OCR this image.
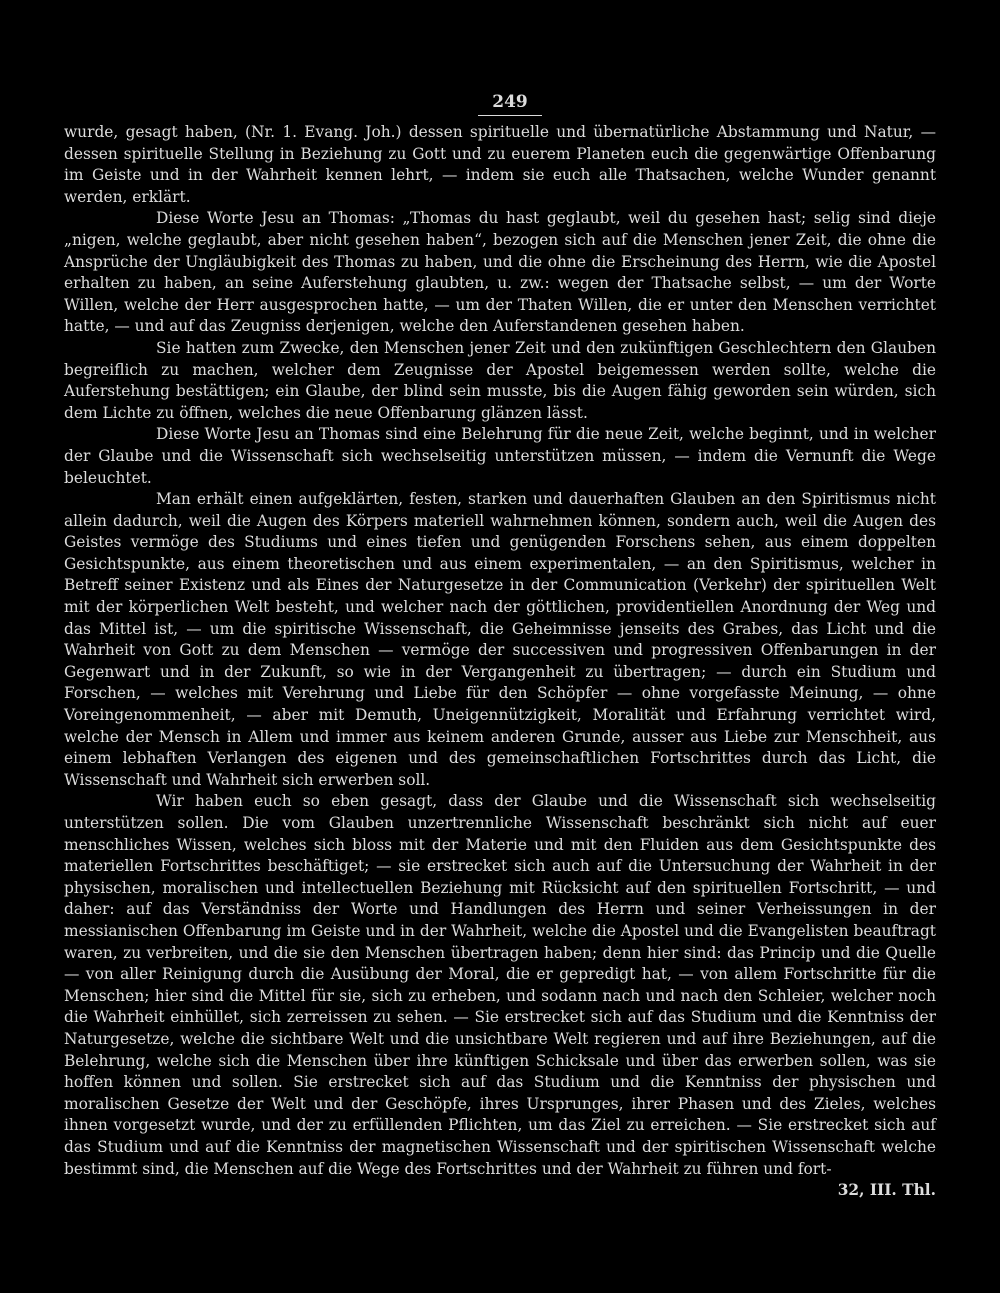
249

wurde, gesagt haben, (Nr. 1. Evang. Joh.) dessen spirituelle und übernatürliche Abstammung und Natur, — dessen spirituelle Stellung in Beziehung zu Gott und zu euerem Planeten euch die gegenwärtige Offenbarung im Geiste und in der Wahrheit kennen lehrt, — indem sie euch alle Thatsachen, welche Wunder genannt werden, erklärt.

Diese Worte Jesu an Thomas: „Thomas du hast geglaubt, weil du gesehen hast; selig sind dieje „nigen, welche geglaubt, aber nicht gesehen haben“, bezogen sich auf die Menschen jener Zeit, die ohne die Ansprüche der Ungläubigkeit des Thomas zu haben, und die ohne die Erscheinung des Herrn, wie die Apostel erhalten zu haben, an seine Auferstehung glaubten, u. zw.: wegen der Thatsache selbst, — um der Worte Willen, welche der Herr ausgesprochen hatte, — um der Thaten Willen, die er unter den Menschen verrichtet hatte, — und auf das Zeugniss derjenigen, welche den Auferstandenen gesehen haben.

Sie hatten zum Zwecke, den Menschen jener Zeit und den zukünftigen Geschlechtern den Glauben begreiflich zu machen, welcher dem Zeugnisse der Apostel beigemessen werden sollte, welche die Auferstehung bestättigen; ein Glaube, der blind sein musste, bis die Augen fähig geworden sein würden, sich dem Lichte zu öffnen, welches die neue Offenbarung glänzen lässt.

Diese Worte Jesu an Thomas sind eine Belehrung für die neue Zeit, welche beginnt, und in welcher der Glaube und die Wissenschaft sich wechselseitig unterstützen müssen, — indem die Vernunft die Wege beleuchtet.

Man erhält einen aufgeklärten, festen, starken und dauerhaften Glauben an den Spiritismus nicht allein dadurch, weil die Augen des Körpers materiell wahrnehmen können, sondern auch, weil die Augen des Geistes vermöge des Studiums und eines tiefen und genügenden Forschens sehen, aus einem doppelten Gesichtspunkte, aus einem theoretischen und aus einem experimentalen, — an den Spiritismus, welcher in Betreff seiner Existenz und als Eines der Naturgesetze in der Communication (Verkehr) der spirituellen Welt mit der körperlichen Welt besteht, und welcher nach der göttlichen, providentiellen Anordnung der Weg und das Mittel ist, — um die spiritische Wissenschaft, die Geheimnisse jenseits des Grabes, das Licht und die Wahrheit von Gott zu dem Menschen — vermöge der successiven und progressiven Offenbarungen in der Gegenwart und in der Zukunft, so wie in der Vergangenheit zu übertragen; — durch ein Studium und Forschen, — welches mit Verehrung und Liebe für den Schöpfer — ohne vorgefasste Meinung, — ohne Voreingenommenheit, — aber mit Demuth, Uneigennützigkeit, Moralität und Erfahrung verrichtet wird, welche der Mensch in Allem und immer aus keinem anderen Grunde, ausser aus Liebe zur Menschheit, aus einem lebhaften Verlangen des eigenen und des gemeinschaftlichen Fortschrittes durch das Licht, die Wissenschaft und Wahrheit sich erwerben soll.

Wir haben euch so eben gesagt, dass der Glaube und die Wissenschaft sich wechselseitig unterstützen sollen. Die vom Glauben unzertrennliche Wissenschaft beschränkt sich nicht auf euer menschliches Wissen, welches sich bloss mit der Materie und mit den Fluiden aus dem Gesichtspunkte des materiellen Fortschrittes beschäftiget; — sie erstrecket sich auch auf die Untersuchung der Wahrheit in der physischen, moralischen und intellectuellen Beziehung mit Rücksicht auf den spirituellen Fortschritt, — und daher: auf das Verständniss der Worte und Handlungen des Herrn und seiner Verheissungen in der messianischen Offenbarung im Geiste und in der Wahrheit, welche die Apostel und die Evangelisten beauftragt waren, zu verbreiten, und die sie den Menschen übertragen haben; denn hier sind: das Princip und die Quelle — von aller Reinigung durch die Ausübung der Moral, die er gepredigt hat, — von allem Fortschritte für die Menschen; hier sind die Mittel für sie, sich zu erheben, und sodann nach und nach den Schleier, welcher noch die Wahrheit einhüllet, sich zerreissen zu sehen. — Sie erstrecket sich auf das Studium und die Kenntniss der Naturgesetze, welche die sichtbare Welt und die unsichtbare Welt regieren und auf ihre Beziehungen, auf die Belehrung, welche sich die Menschen über ihre künftigen Schicksale und über das erwerben sollen, was sie hoffen können und sollen. Sie erstrecket sich auf das Studium und die Kenntniss der physischen und moralischen Gesetze der Welt und der Geschöpfe, ihres Ursprunges, ihrer Phasen und des Zieles, welches ihnen vorgesetzt wurde, und der zu erfüllenden Pflichten, um das Ziel zu erreichen. — Sie erstrecket sich auf das Studium und auf die Kenntniss der magnetischen Wissenschaft und der spiritischen Wissenschaft welche bestimmt sind, die Menschen auf die Wege des Fortschrittes und der Wahrheit zu führen und fort-

32, III. Thl.
